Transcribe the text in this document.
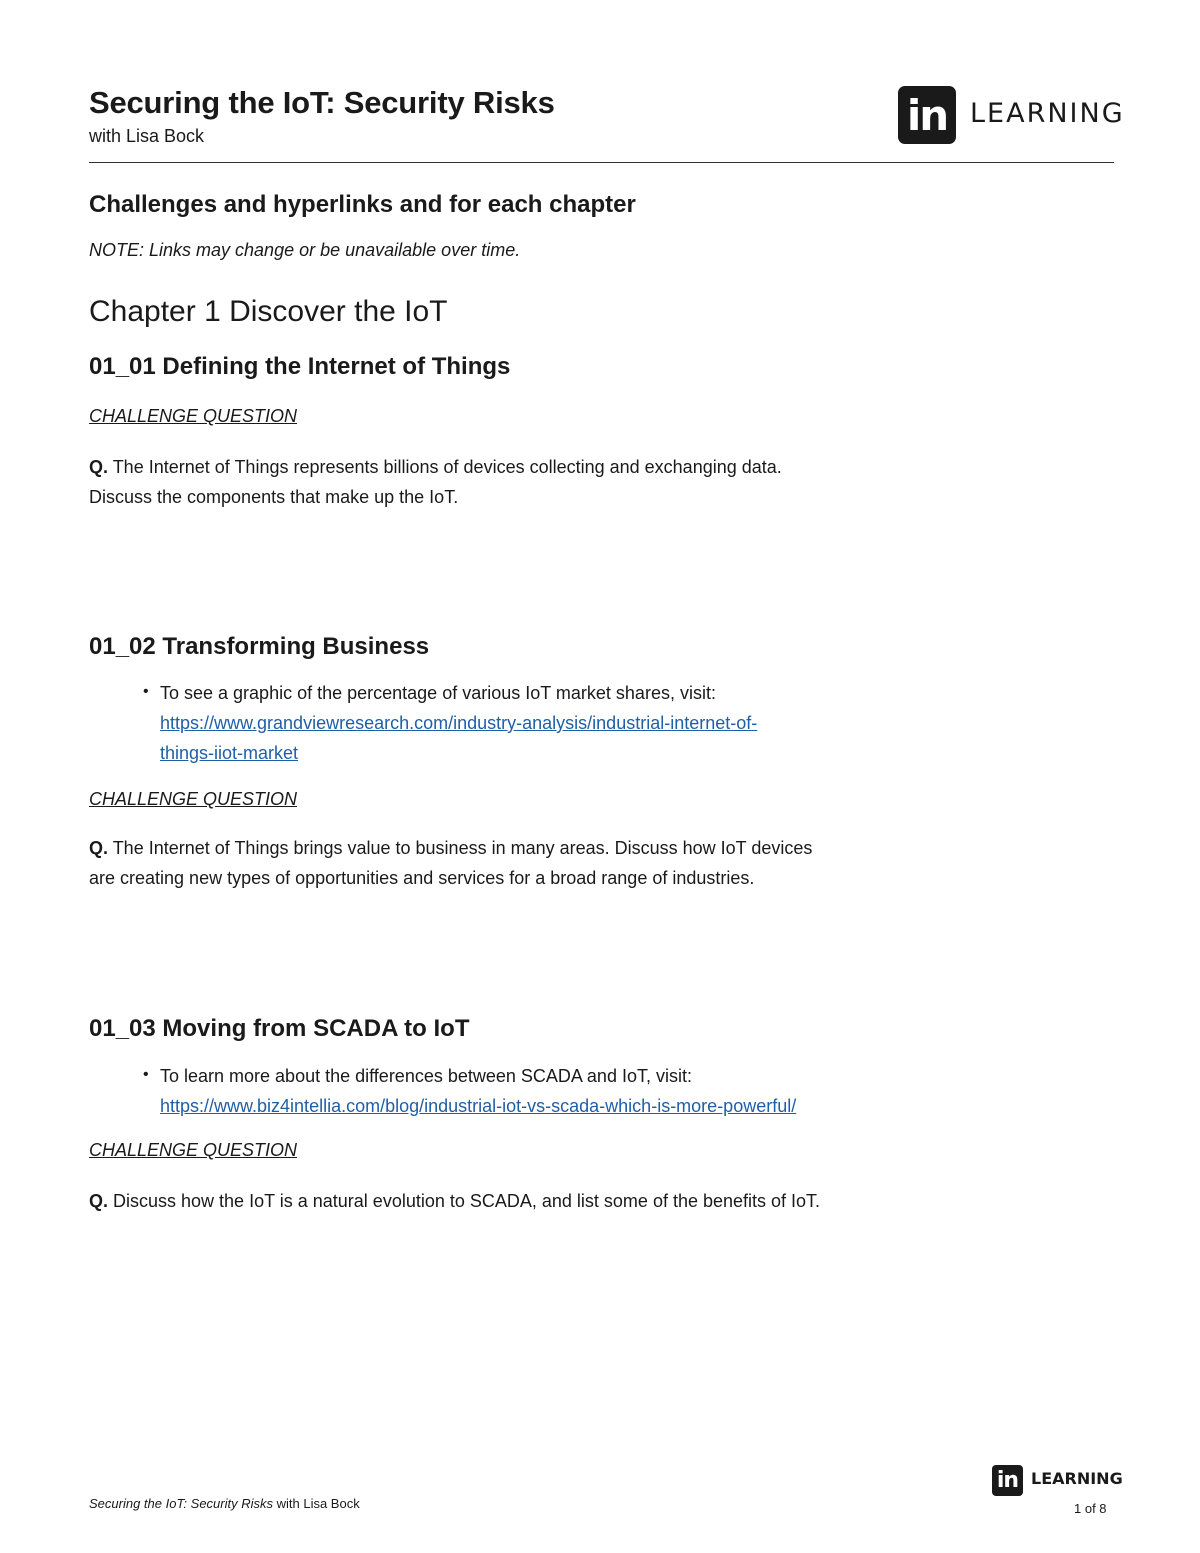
Securing the IoT: Security Risks
with Lisa Bock	in LEARNING
Challenges and hyperlinks and for each chapter
NOTE: Links may change or be unavailable over time.
Chapter 1 Discover the IoT
01_01 Defining the Internet of Things
CHALLENGE QUESTION
Q. The Internet of Things represents billions of devices collecting and exchanging data.
Discuss the components that make up the IoT.
01_02 Transforming Business
• To see a graphic of the percentage of various IoT market shares, visit:
https://www.grandviewresearch.com/industry-analysis/industrial-internet-of-
things-iiot-market
CHALLENGE QUESTION
Q. The Internet of Things brings value to business in many areas. Discuss how IoT devices
are creating new types of opportunities and services for a broad range of industries.
01_03 Moving from SCADA to IoT
• To learn more about the differences between SCADA and IoT, visit:
https://www.biz4intellia.com/blog/industrial-iot-vs-scada-which-is-more-powerful/
CHALLENGE QUESTION
Q. Discuss how the IoT is a natural evolution to SCADA, and list some of the benefits of IoT.
Securing the IoT: Security Risks with Lisa Bock
in LEARNING
1 of 8
